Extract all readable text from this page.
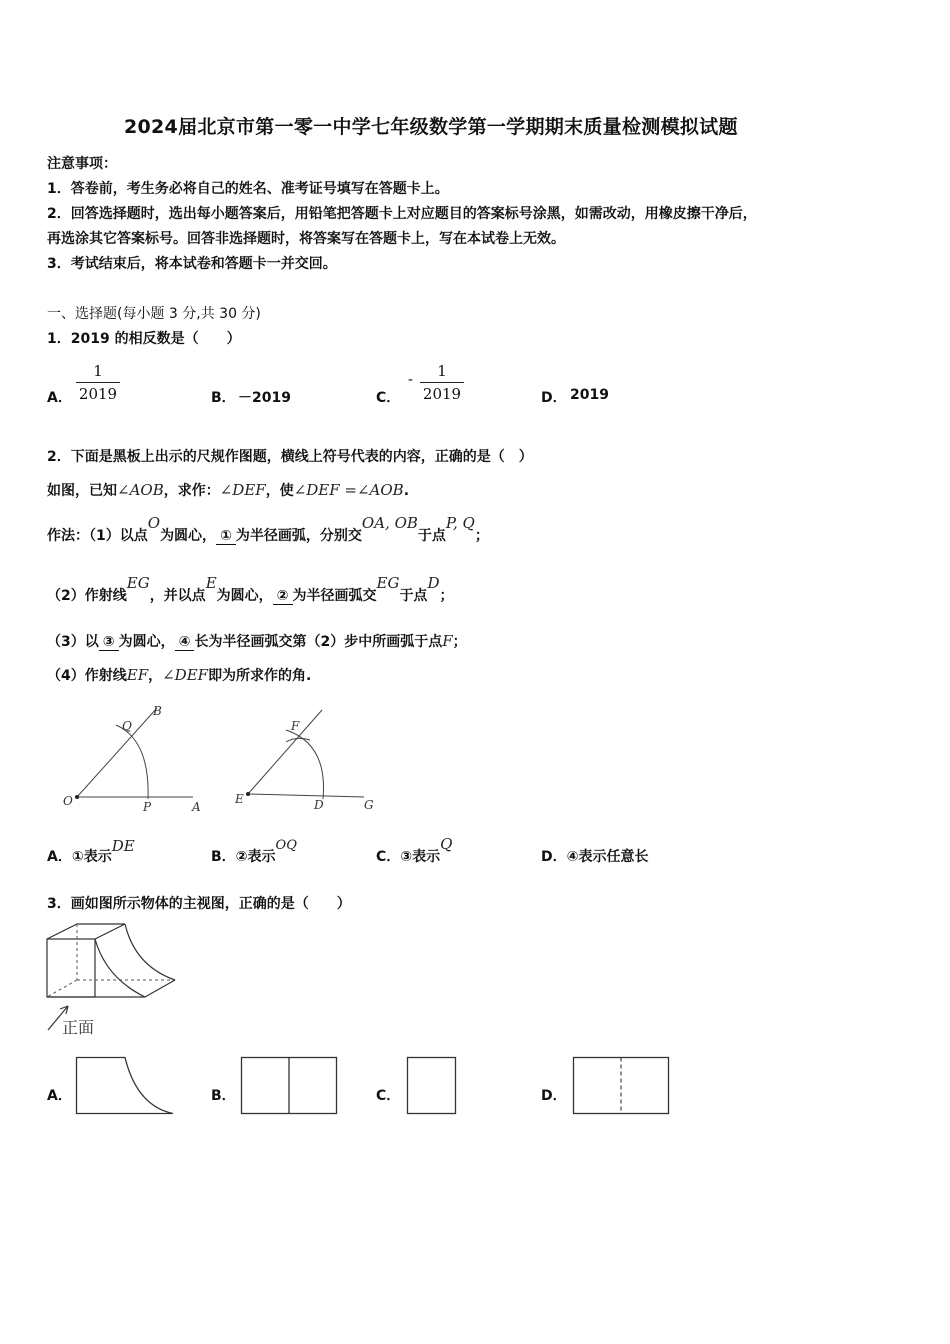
2024届北京市第一零一中学七年级数学第一学期期末质量检测模拟试题
注意事项：
1．答卷前，考生务必将自己的姓名、准考证号填写在答题卡上。
2．回答选择题时，选出每小题答案后，用铅笔把答题卡上对应题目的答案标号涂黑，如需改动，用橡皮擦干净后，
再选涂其它答案标号。回答非选择题时，将答案写在答题卡上，写在本试卷上无效。
3．考试结束后，将本试卷和答题卡一并交回。
一、选择题(每小题 3 分,共 30 分)
1．2019 的相反数是（　　）
A．
1
2019	B． －2019	C．
-	1
2019	D． 2019
2．下面是黑板上出示的尺规作图题，横线上符号代表的内容，正确的是（　）
如图，已知∠AOB，求作：∠DEF，使∠DEF =∠AOB.
作法：（1）以点O为圆心， ① 为半径画弧，分别交OA, OB于点P, Q；
（2）作射线EG，并以点E为圆心， ② 为半径画弧交EG于点D；
（3）以 ③ 为圆心， ④ 长为半径画弧交第（2）步中所画弧于点F；
（4）作射线EF，∠DEF即为所求作的角.
O	P	A
Q
B
E	D	G
F
A．①表示DE
B．②表示OQ
C．③表示Q
D．④表示任意长
3．画如图所示物体的主视图，正确的是（　　）
正面
A．	B．	C．	D．
